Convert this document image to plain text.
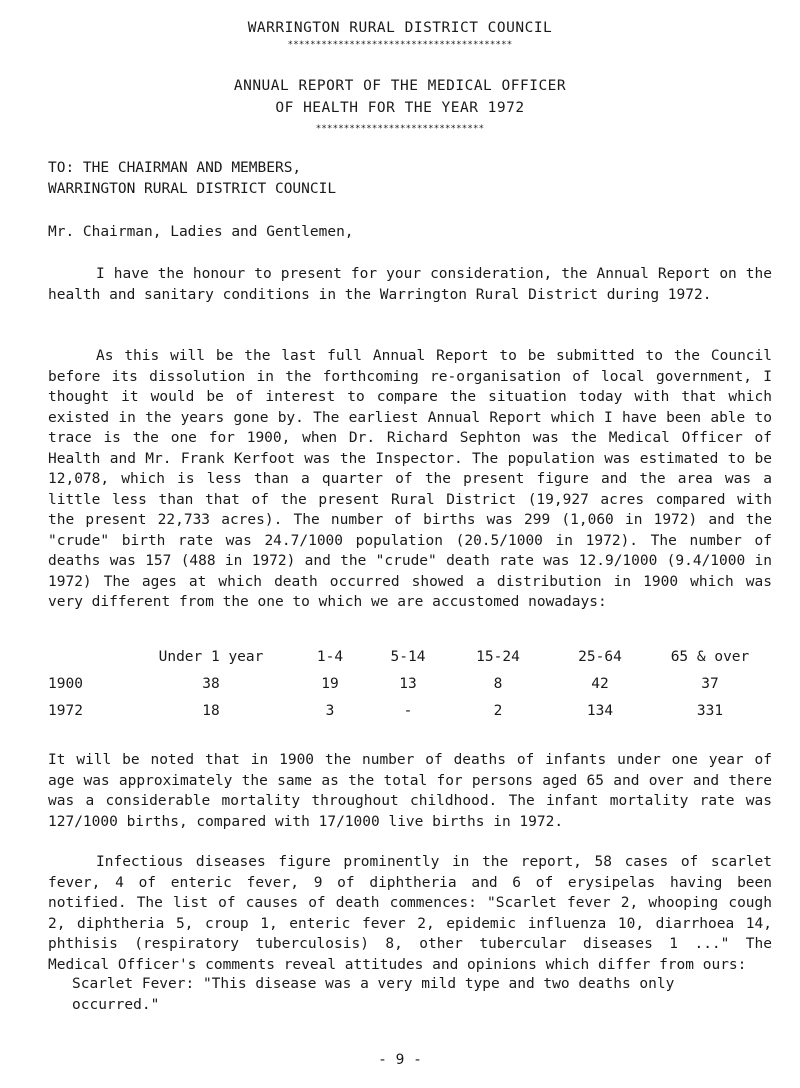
WARRINGTON RURAL DISTRICT COUNCIL
****************************************
ANNUAL REPORT OF THE MEDICAL OFFICER
OF HEALTH FOR THE YEAR 1972
******************************
TO: THE CHAIRMAN AND MEMBERS,
WARRINGTON RURAL DISTRICT COUNCIL
Mr. Chairman, Ladies and Gentlemen,
I have the honour to present for your consideration, the Annual Report on the health and sanitary conditions in the Warrington Rural District during 1972.
As this will be the last full Annual Report to be submitted to the Council before its dissolution in the forthcoming re-organisation of local government, I thought it would be of interest to compare the situation today with that which existed in the years gone by. The earliest Annual Report which I have been able to trace is the one for 1900, when Dr. Richard Sephton was the Medical Officer of Health and Mr. Frank Kerfoot was the Inspector. The population was estimated to be 12,078, which is less than a quarter of the present figure and the area was a little less than that of the present Rural District (19,927 acres compared with the present 22,733 acres). The number of births was 299 (1,060 in 1972) and the "crude" birth rate was 24.7/1000 population (20.5/1000 in 1972). The number of deaths was 157 (488 in 1972) and the "crude" death rate was 12.9/1000 (9.4/1000 in 1972) The ages at which death occurred showed a distribution in 1900 which was very different from the one to which we are accustomed nowadays:
	Under 1 year	1-4	5-14	15-24	25-64	65 & over
1900	38	19	13	8	42	37
1972	18	3	-	2	134	331
It will be noted that in 1900 the number of deaths of infants under one year of age was approximately the same as the total for persons aged 65 and over and there was a considerable mortality throughout childhood. The infant mortality rate was 127/1000 births, compared with 17/1000 live births in 1972.
Infectious diseases figure prominently in the report, 58 cases of scarlet fever, 4 of enteric fever, 9 of diphtheria and 6 of erysipelas having been notified. The list of causes of death commences: "Scarlet fever 2, whooping cough 2, diphtheria 5, croup 1, enteric fever 2, epidemic influenza 10, diarrhoea 14, phthisis (respiratory tuberculosis) 8, other tubercular diseases 1 ..." The Medical Officer's comments reveal attitudes and opinions which differ from ours:
Scarlet Fever: "This disease was a very mild type and two deaths only occurred."
- 9 -
